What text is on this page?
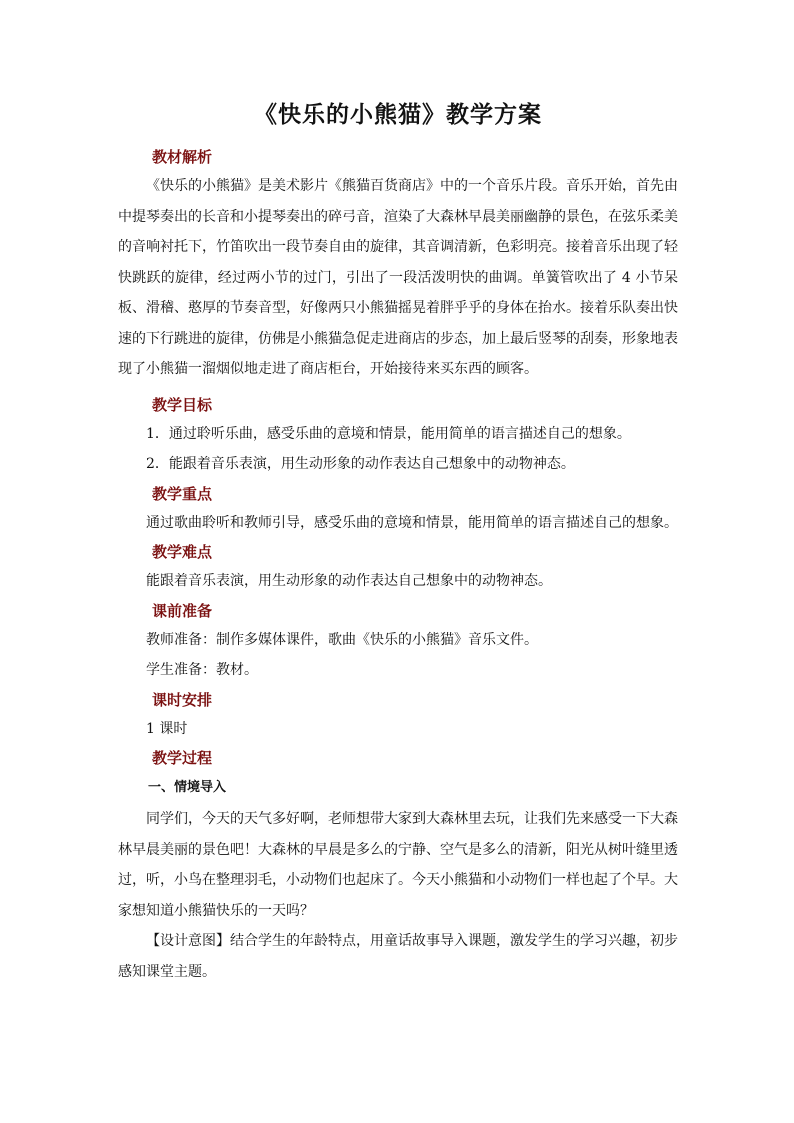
《快乐的小熊猫》教学方案
教材解析

《快乐的小熊猫》是美术影片《熊猫百货商店》中的一个音乐片段。音乐开始，首先由中提琴奏出的长音和小提琴奏出的碎弓音，渲染了大森林早晨美丽幽静的景色，在弦乐柔美的音响衬托下，竹笛吹出一段节奏自由的旋律，其音调清新，色彩明亮。接着音乐出现了轻快跳跃的旋律，经过两小节的过门，引出了一段活泼明快的曲调。单簧管吹出了 4 小节呆板、滑稽、憨厚的节奏音型，好像两只小熊猫摇晃着胖乎乎的身体在抬水。接着乐队奏出快速的下行跳进的旋律，仿佛是小熊猫急促走进商店的步态，加上最后竖琴的刮奏，形象地表现了小熊猫一溜烟似地走进了商店柜台，开始接待来买东西的顾客。

教学目标

1．通过聆听乐曲，感受乐曲的意境和情景，能用简单的语言描述自己的想象。

2．能跟着音乐表演，用生动形象的动作表达自己想象中的动物神态。

教学重点

通过歌曲聆听和教师引导，感受乐曲的意境和情景，能用简单的语言描述自己的想象。

教学难点

能跟着音乐表演，用生动形象的动作表达自己想象中的动物神态。

课前准备

教师准备：制作多媒体课件，歌曲《快乐的小熊猫》音乐文件。

学生准备：教材。

课时安排

1 课时

教学过程
一、情境导入

同学们，今天的天气多好啊，老师想带大家到大森林里去玩，让我们先来感受一下大森林早晨美丽的景色吧！大森林的早晨是多么的宁静、空气是多么的清新，阳光从树叶缝里透过，听，小鸟在整理羽毛，小动物们也起床了。今天小熊猫和小动物们一样也起了个早。大家想知道小熊猫快乐的一天吗？

【设计意图】结合学生的年龄特点，用童话故事导入课题，激发学生的学习兴趣，初步感知课堂主题。
